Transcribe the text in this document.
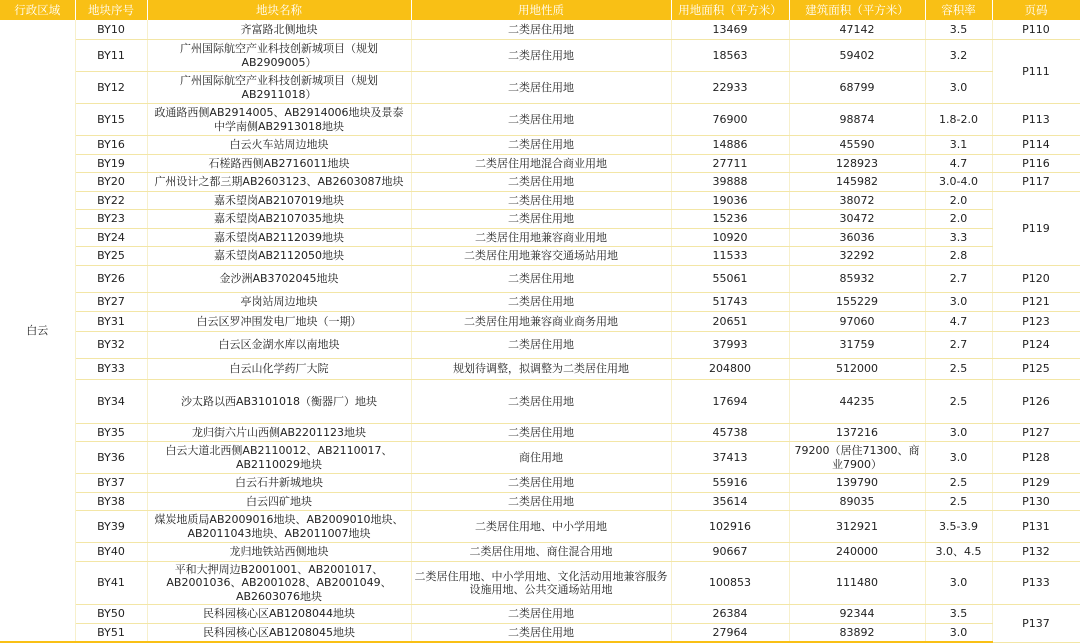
行政区域	地块序号	地块名称	用地性质	用地面积（平方米）	建筑面积（平方米）	容积率	页码
白云	BY10	齐富路北侧地块	二类居住用地	13469	47142	3.5	P110
	BY11	广州国际航空产业科技创新城项目（规划AB2909005）	二类居住用地	18563	59402	3.2	P111
	BY12	广州国际航空产业科技创新城项目（规划AB2911018）	二类居住用地	22933	68799	3.0	
	BY15	政通路西侧AB2914005、AB2914006地块及景泰中学南侧AB2913018地块	二类居住用地	76900	98874	1.8-2.0	P113
	BY16	白云火车站周边地块	二类居住用地	14886	45590	3.1	P114
	BY19	石槎路西侧AB2716011地块	二类居住用地混合商业用地	27711	128923	4.7	P116
	BY20	广州设计之都三期AB2603123、AB2603087地块	二类居住用地	39888	145982	3.0-4.0	P117
	BY22	嘉禾望岗AB2107019地块	二类居住用地	19036	38072	2.0	P119
	BY23	嘉禾望岗AB2107035地块	二类居住用地	15236	30472	2.0	
	BY24	嘉禾望岗AB2112039地块	二类居住用地兼容商业用地	10920	36036	3.3	
	BY25	嘉禾望岗AB2112050地块	二类居住用地兼容交通场站用地	11533	32292	2.8	
	BY26	金沙洲AB3702045地块	二类居住用地	55061	85932	2.7	P120
	BY27	亭岗站周边地块	二类居住用地	51743	155229	3.0	P121
	BY31	白云区罗冲围发电厂地块（一期）	二类居住用地兼容商业商务用地	20651	97060	4.7	P123
	BY32	白云区金湖水库以南地块	二类居住用地	37993	31759	2.7	P124
	BY33	白云山化学药厂大院	规划待调整，拟调整为二类居住用地	204800	512000	2.5	P125
	BY34	沙太路以西AB3101018（衡器厂）地块	二类居住用地	17694	44235	2.5	P126
	BY35	龙归街六片山西侧AB2201123地块	二类居住用地	45738	137216	3.0	P127
	BY36	白云大道北西侧AB2110012、AB2110017、AB2110029地块	商住用地	37413	79200（居住71300、商业7900）	3.0	P128
	BY37	白云石井新城地块	二类居住用地	55916	139790	2.5	P129
	BY38	白云四矿地块	二类居住用地	35614	89035	2.5	P130
	BY39	煤炭地质局AB2009016地块、AB2009010地块、AB2011043地块、AB2011007地块	二类居住用地、中小学用地	102916	312921	3.5-3.9	P131
	BY40	龙归地铁站西侧地块	二类居住用地、商住混合用地	90667	240000	3.0、4.5	P132
	BY41	平和大押周边B2001001、AB2001017、AB2001036、AB2001028、AB2001049、AB2603076地块	二类居住用地、中小学用地、文化活动用地兼容服务设施用地、公共交通场站用地	100853	111480	3.0	P133
	BY50	民科园核心区AB1208044地块	二类居住用地	26384	92344	3.5	P137
	BY51	民科园核心区AB1208045地块	二类居住用地	27964	83892	3.0	
